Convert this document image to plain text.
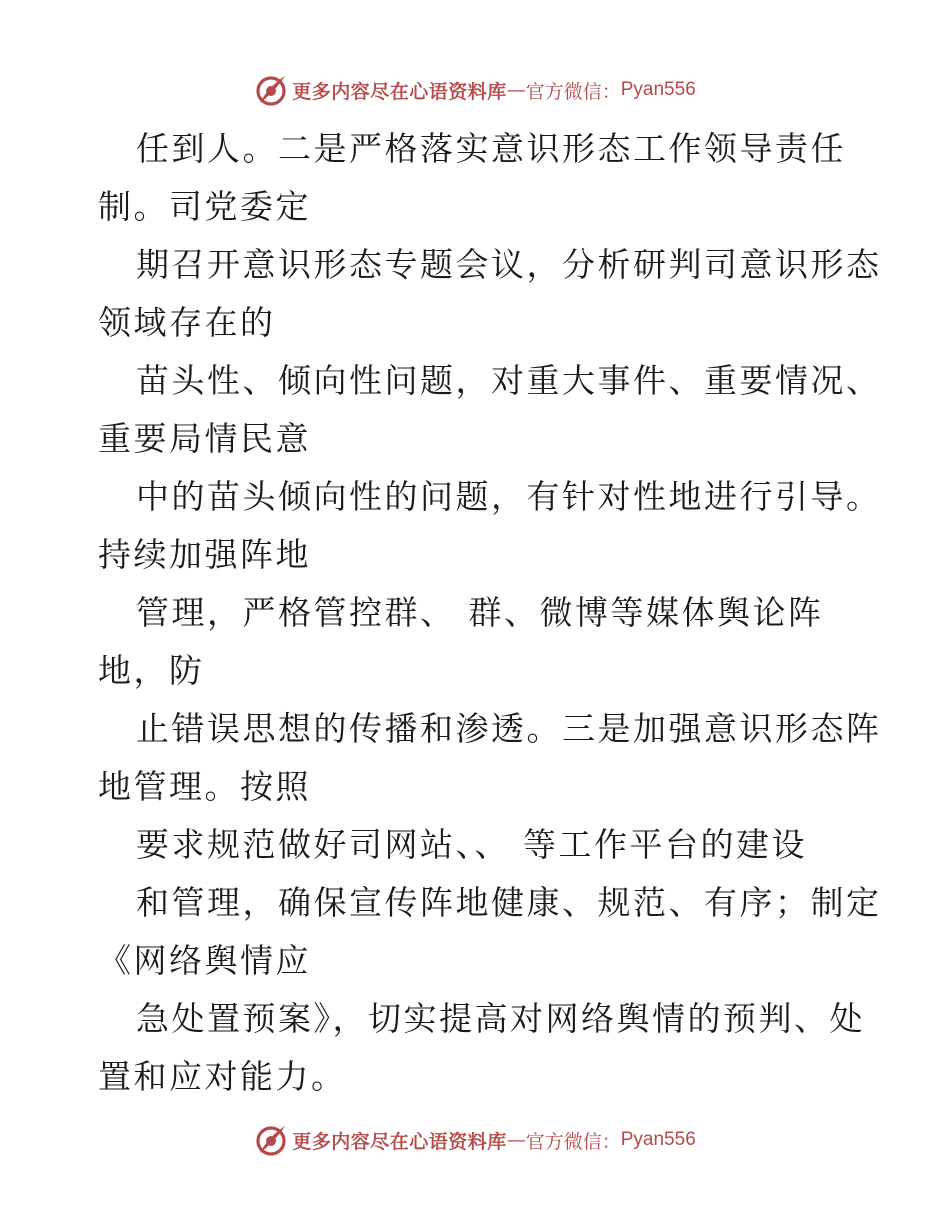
更多内容尽在心语资料库 — 官方微信： Pyan556
任到人。二是严格落实意识形态工作领导责任
制。司党委定
期召开意识形态专题会议，分析研判司意识形态
领域存在的
苗头性、倾向性问题，对重大事件、重要情况、
重要局情民意
中的苗头倾向性的问题，有针对性地进行引导。
持续加强阵地
管理，严格管控群、 群、微博等媒体舆论阵
地，防
止错误思想的传播和渗透。三是加强意识形态阵
地管理。按照
要求规范做好司网站、、 等工作平台的建设
和管理，确保宣传阵地健康、规范、有序；制定
《网络舆情应
急处置预案》，切实提高对网络舆情的预判、处
置和应对能力。
更多内容尽在心语资料库 — 官方微信： Pyan556
